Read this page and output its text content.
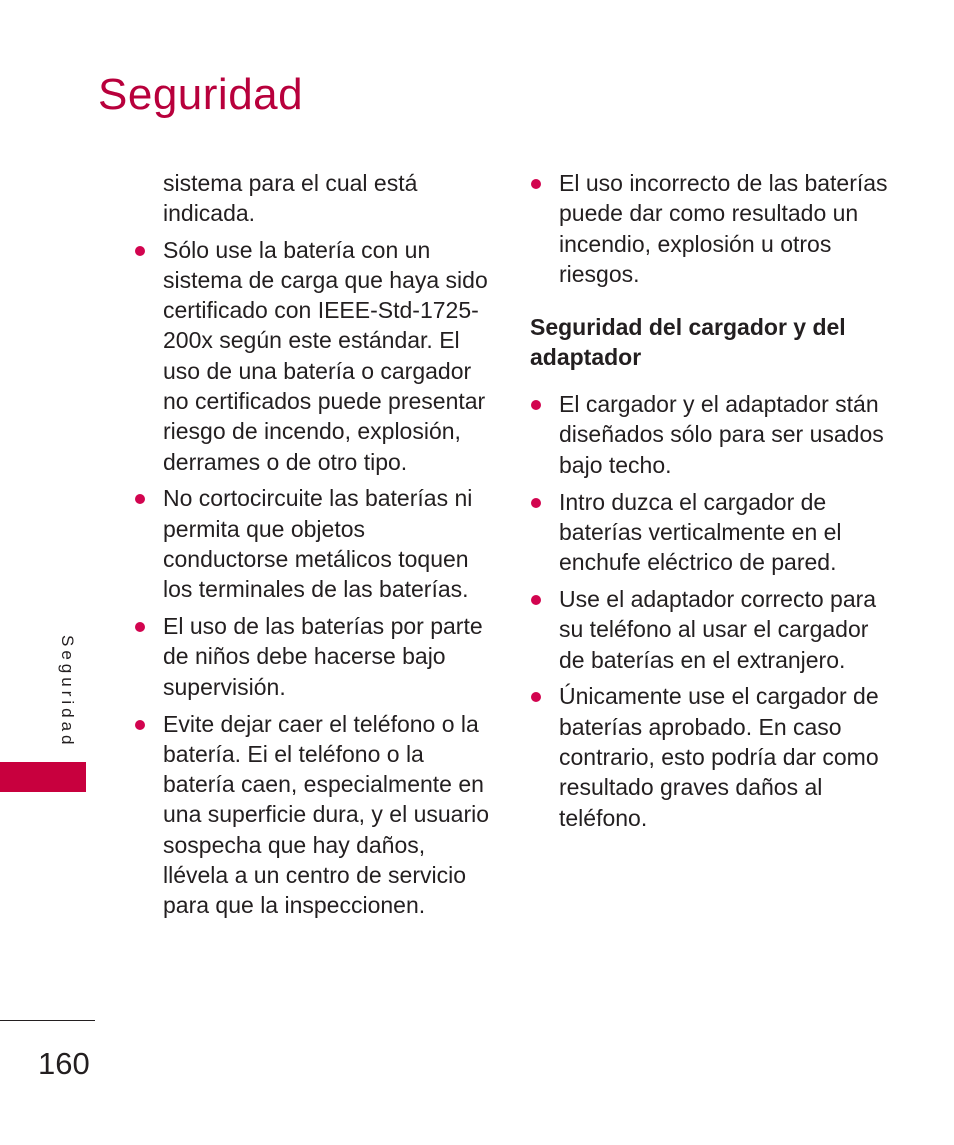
Seguridad

sistema para el cual está indicada.

Sólo use la batería con un sistema de carga que haya sido certificado con IEEE-Std-1725-200x según este estándar. El uso de una batería o cargador no certificados puede presentar riesgo de incendo, explosión, derrames o de otro tipo.
No cortocircuite las baterías ni permita que objetos conductorse metálicos toquen los terminales de las baterías.
El uso de las baterías por parte de niños debe hacerse bajo supervisión.
Evite dejar caer el teléfono o la batería. Ei el teléfono o la batería caen, especialmente en una superficie dura, y el usuario sospecha que hay daños, llévela a un centro de servicio para que la inspeccionen.
El uso incorrecto de las baterías puede dar como resultado un incendio, explosión u otros riesgos.
Seguridad del cargador y del adaptador
El cargador y el adaptador stán diseñados sólo para ser usados bajo techo.
Intro duzca el cargador de baterías verticalmente en el enchufe eléctrico de pared.
Use el adaptador correcto para su teléfono al usar el cargador de baterías en el extranjero.
Únicamente use el cargador de baterías aprobado. En caso contrario, esto podría dar como resultado graves daños al teléfono.
Seguridad
160
